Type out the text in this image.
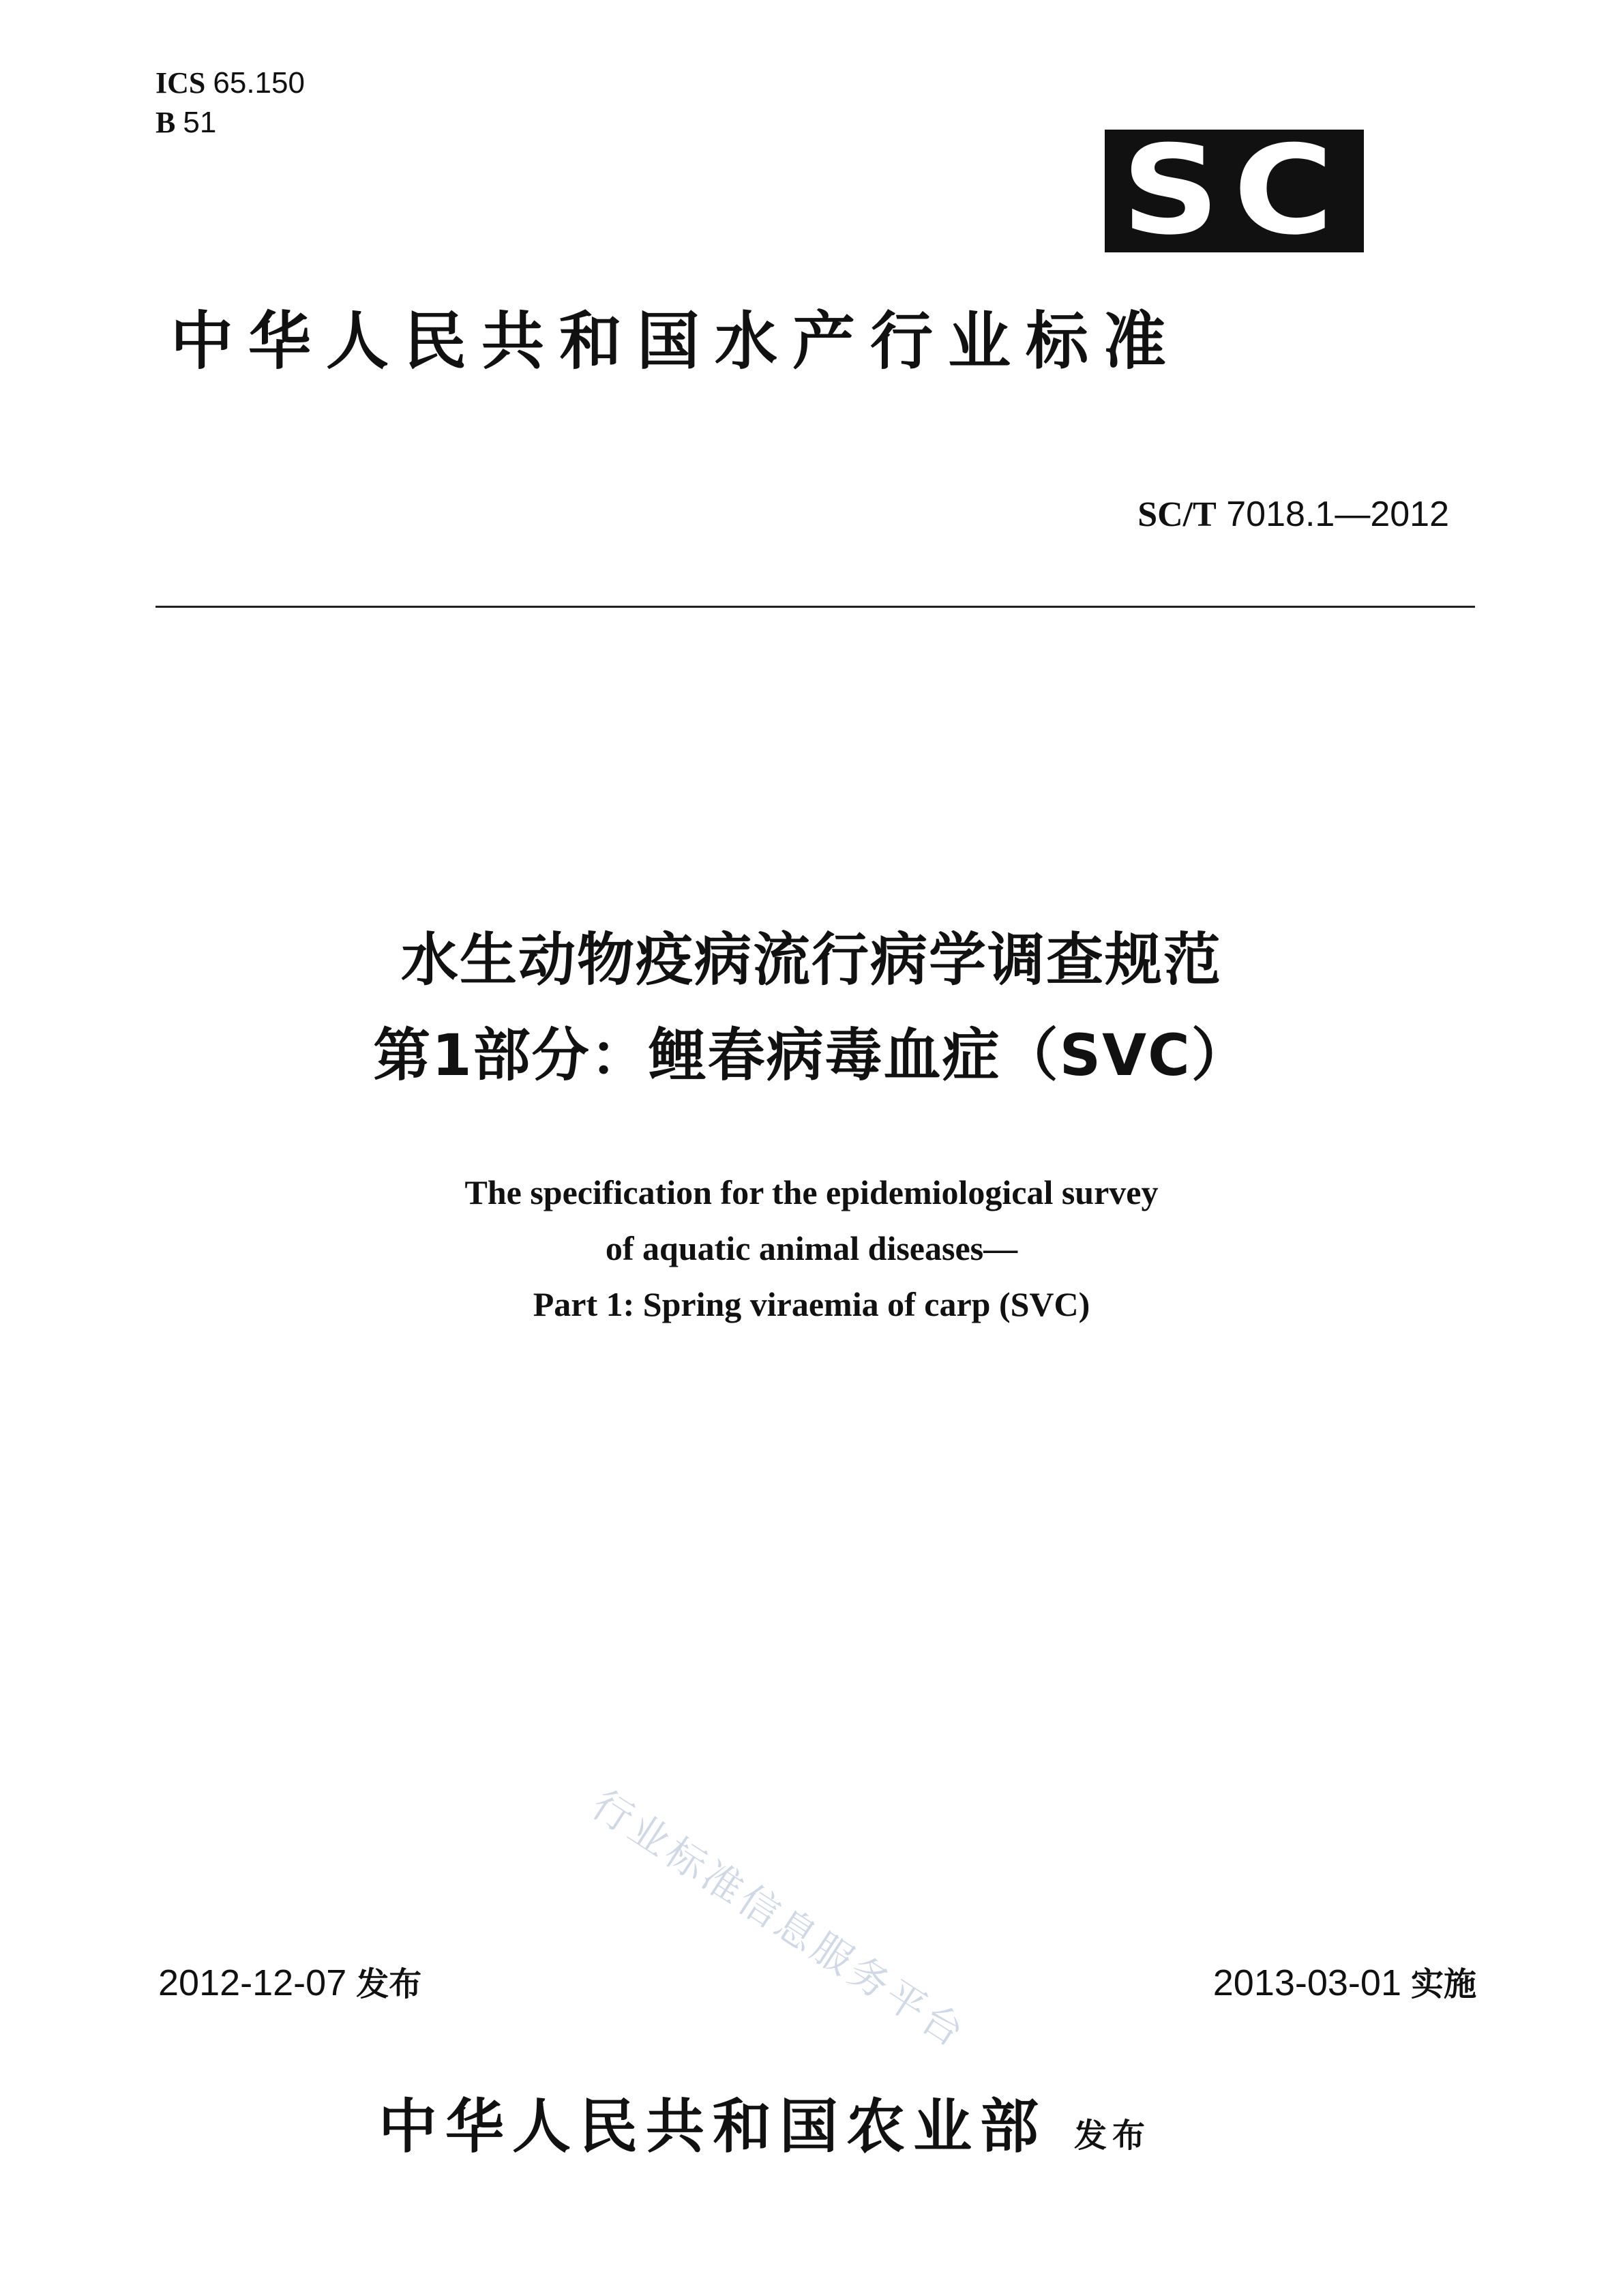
ICS 65.150
B 51	SC
中华人民共和国水产行业标准
SC/T 7018.1—2012
水生动物疫病流行病学调查规范
第1部分：鲤春病毒血症（SVC）
The specification for the epidemiological survey
of aquatic animal diseases—
Part 1: Spring viraemia of carp (SVC)
行业标准信息服务平台
2012-12-07 发布	2013-03-01 实施
中华人民共和国农业部 发布
